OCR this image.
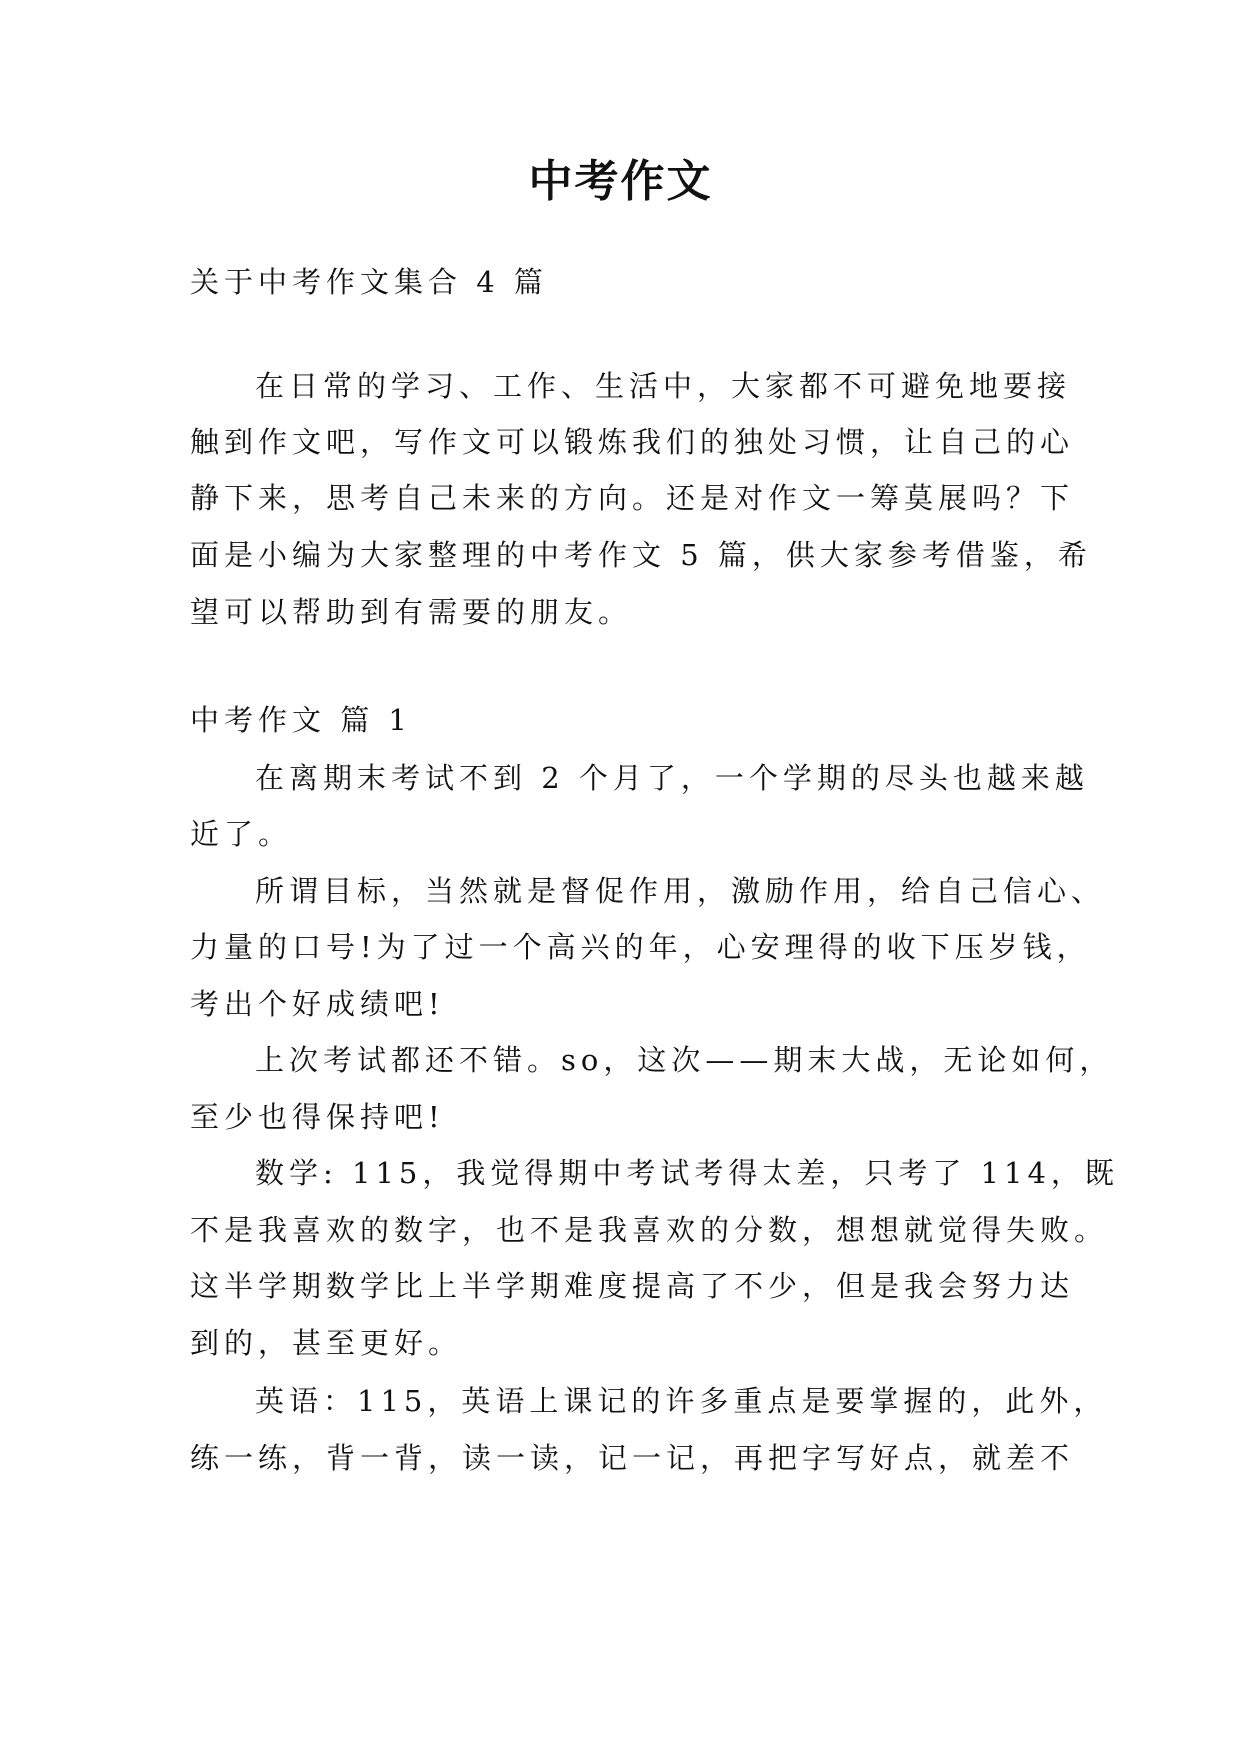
中考作文
关于中考作文集合 4 篇
在日常的学习、工作、生活中，大家都不可避免地要接
触到作文吧，写作文可以锻炼我们的独处习惯，让自己的心
静下来，思考自己未来的方向。还是对作文一筹莫展吗？下
面是小编为大家整理的中考作文 5 篇，供大家参考借鉴，希
望可以帮助到有需要的朋友。
中考作文 篇 1
在离期末考试不到 2 个月了，一个学期的尽头也越来越
近了。
所谓目标，当然就是督促作用，激励作用，给自己信心、
力量的口号!为了过一个高兴的年，心安理得的收下压岁钱，
考出个好成绩吧!
上次考试都还不错。so，这次——期末大战，无论如何，
至少也得保持吧!
数学: 115，我觉得期中考试考得太差，只考了 114，既
不是我喜欢的数字，也不是我喜欢的分数，想想就觉得失败。
这半学期数学比上半学期难度提高了不少，但是我会努力达
到的，甚至更好。
英语：115，英语上课记的许多重点是要掌握的，此外，
练一练，背一背，读一读，记一记，再把字写好点，就差不
